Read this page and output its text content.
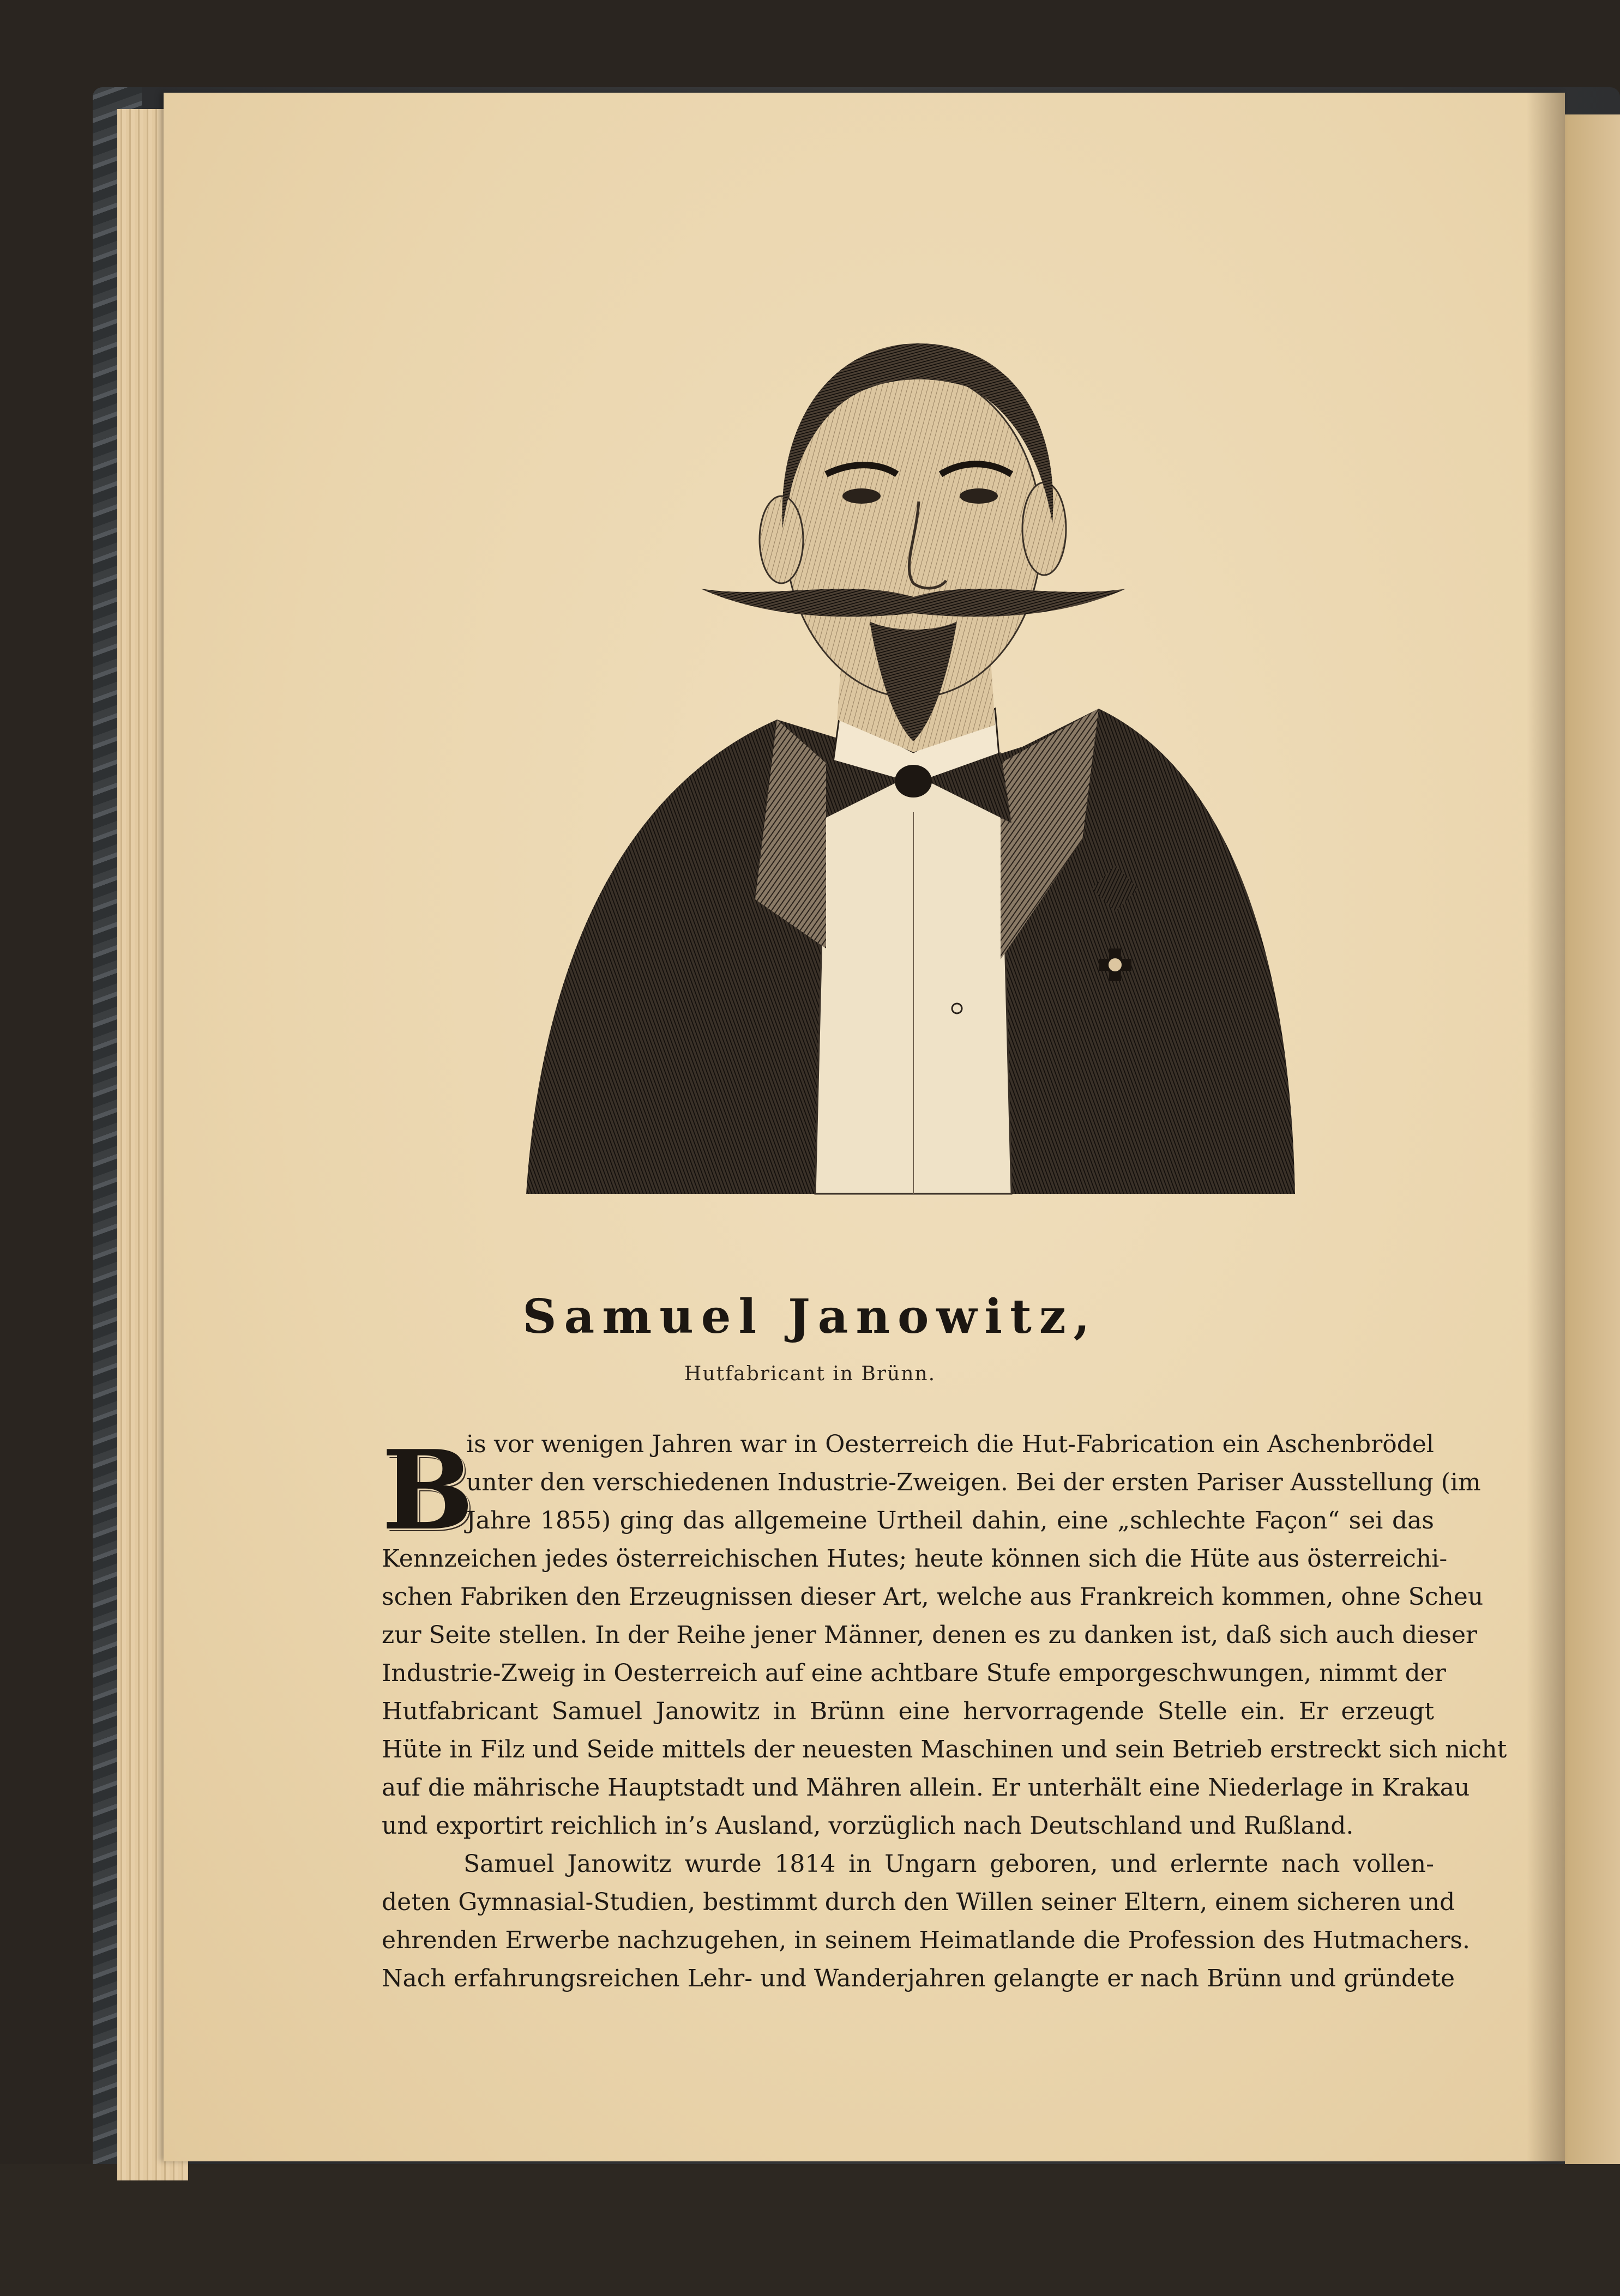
Samuel Janowitz,
Hutfabricant in Brünn.
B
is vor wenigen Jahren war in Oesterreich die Hut-Fabrication ein Aschenbrödel
unter den verschiedenen Industrie-Zweigen. Bei der ersten Pariser Ausstellung (im
Jahre 1855) ging das allgemeine Urtheil dahin, eine „schlechte Façon“ sei das
Kennzeichen jedes österreichischen Hutes; heute können sich die Hüte aus österreichi-
schen Fabriken den Erzeugnissen dieser Art, welche aus Frankreich kommen, ohne Scheu
zur Seite stellen. In der Reihe jener Männer, denen es zu danken ist, daß sich auch dieser
Industrie-Zweig in Oesterreich auf eine achtbare Stufe emporgeschwungen, nimmt der
Hutfabricant Samuel Janowitz in Brünn eine hervorragende Stelle ein. Er erzeugt
Hüte in Filz und Seide mittels der neuesten Maschinen und sein Betrieb erstreckt sich nicht
auf die mährische Hauptstadt und Mähren allein. Er unterhält eine Niederlage in Krakau
und exportirt reichlich in’s Ausland, vorzüglich nach Deutschland und Rußland.
Samuel Janowitz wurde 1814 in Ungarn geboren, und erlernte nach vollen-
deten Gymnasial-Studien, bestimmt durch den Willen seiner Eltern, einem sicheren und
ehrenden Erwerbe nachzugehen, in seinem Heimatlande die Profession des Hutmachers.
Nach erfahrungsreichen Lehr- und Wanderjahren gelangte er nach Brünn und gründete
